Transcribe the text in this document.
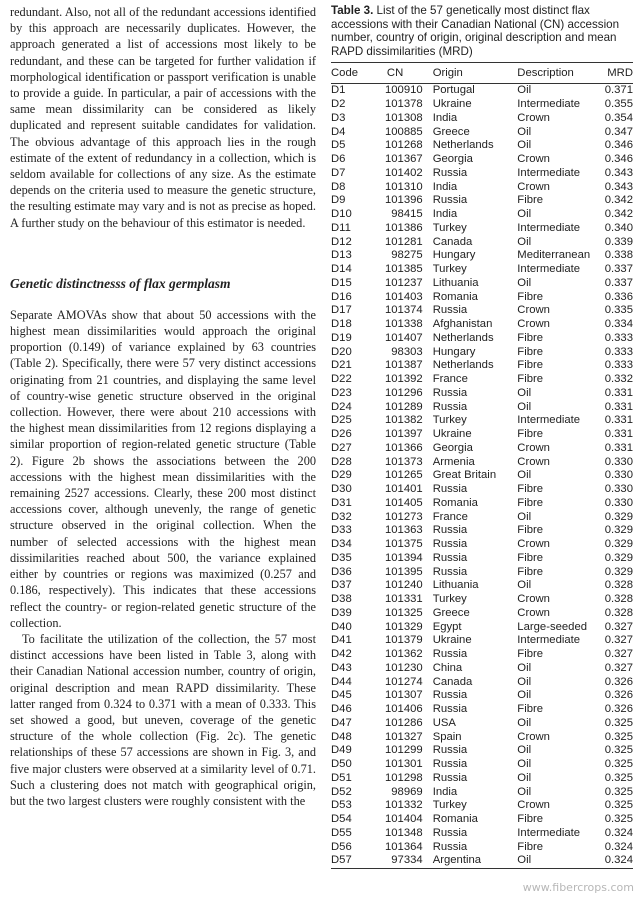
redundant. Also, not all of the redundant accessions identified by this approach are necessarily duplicates. However, the approach generated a list of accessions most likely to be redundant, and these can be targeted for further validation if morphological identification or passport verification is unable to provide a guide. In particular, a pair of accessions with the same mean dissimilarity can be considered as likely duplicated and represent suitable candidates for validation. The obvious advantage of this approach lies in the rough estimate of the extent of redundancy in a collection, which is seldom available for collections of any size. As the estimate depends on the criteria used to measure the genetic structure, the resulting estimate may vary and is not as precise as hoped. A further study on the behaviour of this estimator is needed.

Genetic distinctnesss of flax germplasm

Separate AMOVAs show that about 50 accessions with the highest mean dissimilarities would approach the original proportion (0.149) of variance explained by 63 countries (Table 2). Specifically, there were 57 very distinct accessions originating from 21 countries, and displaying the same level of country-wise genetic structure observed in the original collection. However, there were about 210 accessions with the highest mean dissimilarities from 12 regions displaying a similar proportion of region-related genetic structure (Table 2). Figure 2b shows the associations between the 200 accessions with the highest mean dissimilarities with the remaining 2527 accessions. Clearly, these 200 most distinct accessions cover, although unevenly, the range of genetic structure observed in the original collection. When the number of selected accessions with the highest mean dissimilarities reached about 500, the variance explained either by countries or regions was maximized (0.257 and 0.186, respectively). This indicates that these accessions reflect the country- or region-related genetic structure of the collection.

To facilitate the utilization of the collection, the 57 most distinct accessions have been listed in Table 3, along with their Canadian National accession number, country of origin, original description and mean RAPD dissimilarity. These latter ranged from 0.324 to 0.371 with a mean of 0.333. This set showed a good, but uneven, coverage of the genetic structure of the whole collection (Fig. 2c). The genetic relationships of these 57 accessions are shown in Fig. 3, and five major clusters were observed at a similarity level of 0.71. Such a clustering does not match with geographical origin, but the two largest clusters were roughly consistent with the

Table 3. List of the 57 genetically most distinct flax accessions with their Canadian National (CN) accession number, country of origin, original description and mean RAPD dissimilarities (MRD)
Code	CN	Origin	Description	MRD
D1	100910	Portugal	Oil	0.371
D2	101378	Ukraine	Intermediate	0.355
D3	101308	India	Crown	0.354
D4	100885	Greece	Oil	0.347
D5	101268	Netherlands	Oil	0.346
D6	101367	Georgia	Crown	0.346
D7	101402	Russia	Intermediate	0.343
D8	101310	India	Crown	0.343
D9	101396	Russia	Fibre	0.342
D10	98415	India	Oil	0.342
D11	101386	Turkey	Intermediate	0.340
D12	101281	Canada	Oil	0.339
D13	98275	Hungary	Mediterranean	0.338
D14	101385	Turkey	Intermediate	0.337
D15	101237	Lithuania	Oil	0.337
D16	101403	Romania	Fibre	0.336
D17	101374	Russia	Crown	0.335
D18	101338	Afghanistan	Crown	0.334
D19	101407	Netherlands	Fibre	0.333
D20	98303	Hungary	Fibre	0.333
D21	101387	Netherlands	Fibre	0.333
D22	101392	France	Fibre	0.332
D23	101296	Russia	Oil	0.331
D24	101289	Russia	Oil	0.331
D25	101382	Turkey	Intermediate	0.331
D26	101397	Ukraine	Fibre	0.331
D27	101366	Georgia	Crown	0.331
D28	101373	Armenia	Crown	0.330
D29	101265	Great Britain	Oil	0.330
D30	101401	Russia	Fibre	0.330
D31	101405	Romania	Fibre	0.330
D32	101273	France	Oil	0.329
D33	101363	Russia	Fibre	0.329
D34	101375	Russia	Crown	0.329
D35	101394	Russia	Fibre	0.329
D36	101395	Russia	Fibre	0.329
D37	101240	Lithuania	Oil	0.328
D38	101331	Turkey	Crown	0.328
D39	101325	Greece	Crown	0.328
D40	101329	Egypt	Large-seeded	0.327
D41	101379	Ukraine	Intermediate	0.327
D42	101362	Russia	Fibre	0.327
D43	101230	China	Oil	0.327
D44	101274	Canada	Oil	0.326
D45	101307	Russia	Oil	0.326
D46	101406	Russia	Fibre	0.326
D47	101286	USA	Oil	0.325
D48	101327	Spain	Crown	0.325
D49	101299	Russia	Oil	0.325
D50	101301	Russia	Oil	0.325
D51	101298	Russia	Oil	0.325
D52	98969	India	Oil	0.325
D53	101332	Turkey	Crown	0.325
D54	101404	Romania	Fibre	0.325
D55	101348	Russia	Intermediate	0.324
D56	101364	Russia	Fibre	0.324
D57	97334	Argentina	Oil	0.324
www.fibercrops.com
